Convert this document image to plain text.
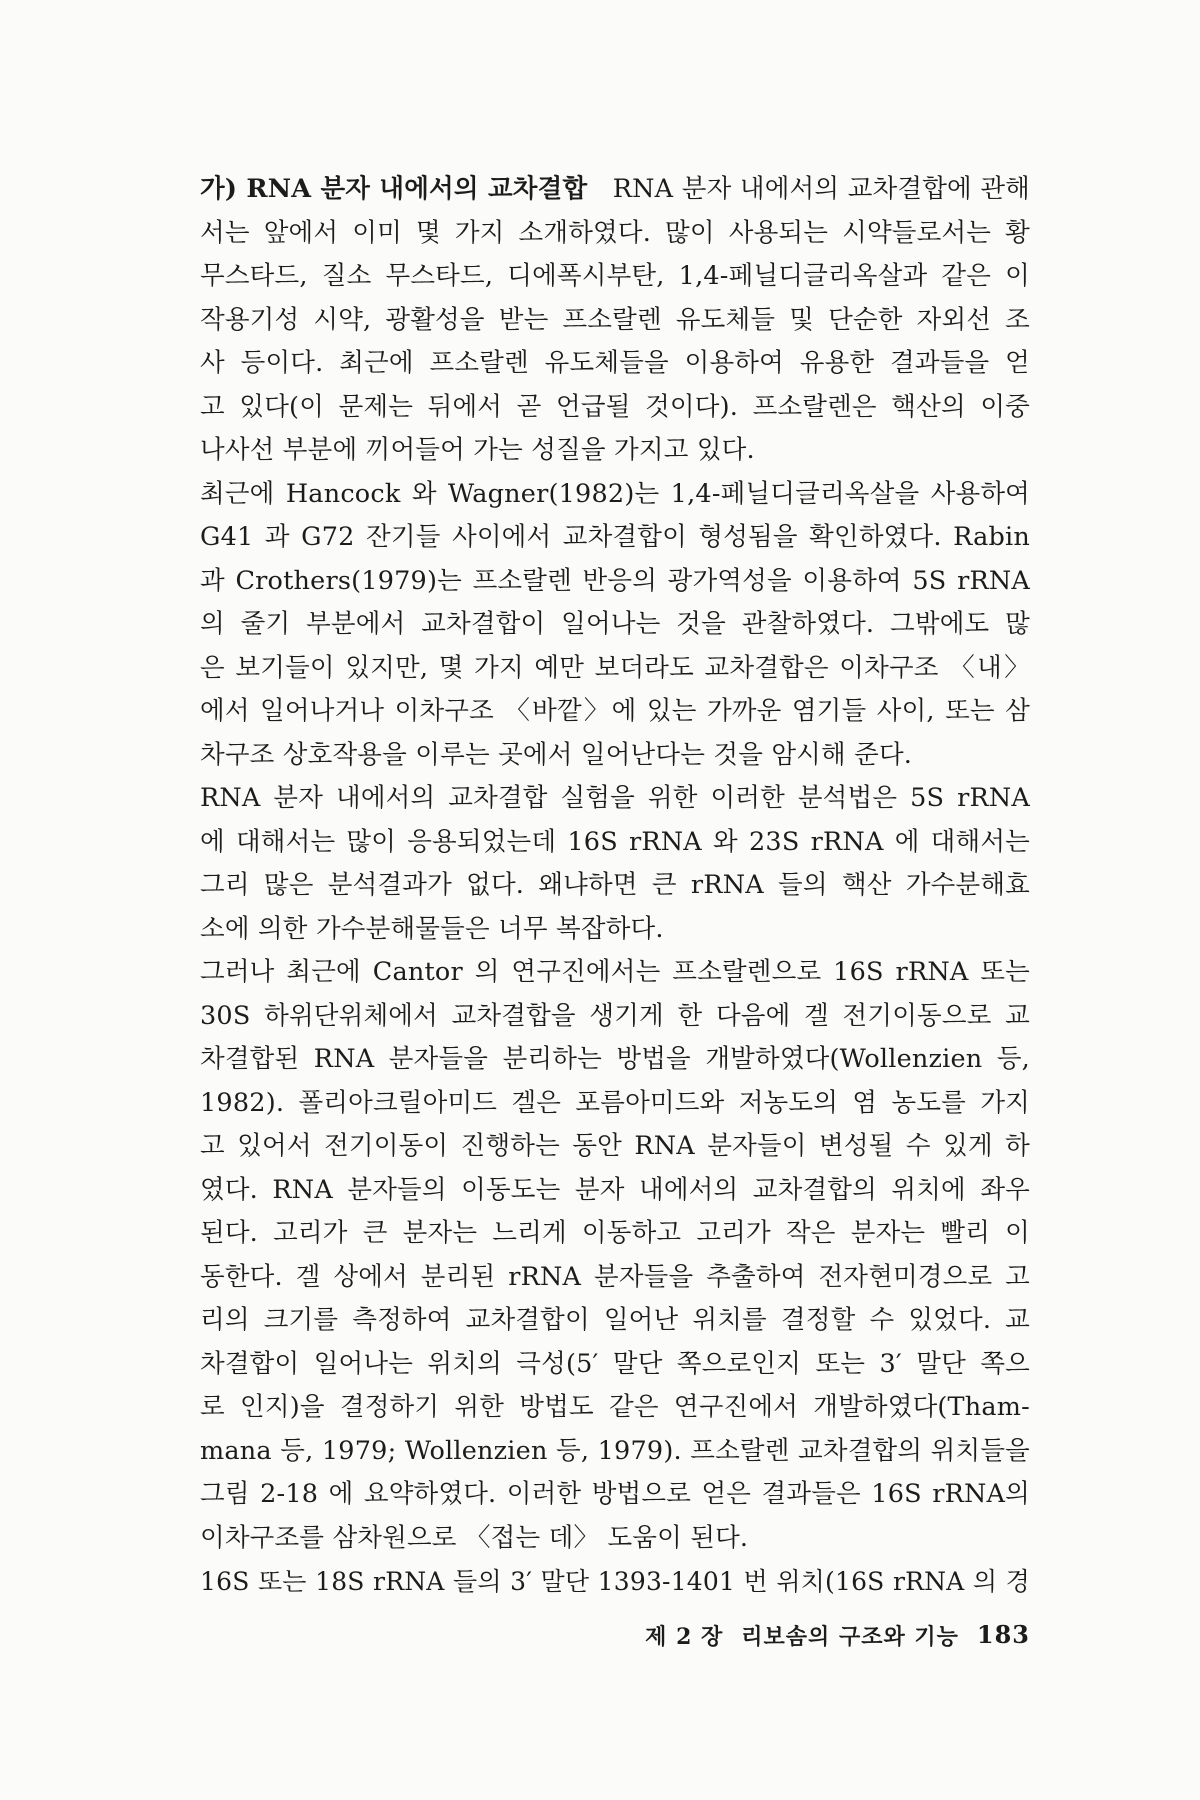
가) RNA 분자 내에서의 교차결합 RNA 분자 내에서의 교차결합에 관해
서는 앞에서 이미 몇 가지 소개하였다. 많이 사용되는 시약들로서는 황
무스타드, 질소 무스타드, 디에폭시부탄, 1,4-페닐디글리옥살과 같은 이
작용기성 시약, 광활성을 받는 프소랄렌 유도체들 및 단순한 자외선 조
사 등이다. 최근에 프소랄렌 유도체들을 이용하여 유용한 결과들을 얻
고 있다(이 문제는 뒤에서 곧 언급될 것이다). 프소랄렌은 핵산의 이중
나사선 부분에 끼어들어 가는 성질을 가지고 있다.
최근에 Hancock 와 Wagner(1982)는 1,4-페닐디글리옥살을 사용하여
G41 과 G72 잔기들 사이에서 교차결합이 형성됨을 확인하였다. Rabin
과 Crothers(1979)는 프소랄렌 반응의 광가역성을 이용하여 5S rRNA
의 줄기 부분에서 교차결합이 일어나는 것을 관찰하였다. 그밖에도 많
은 보기들이 있지만, 몇 가지 예만 보더라도 교차결합은 이차구조 〈내〉
에서 일어나거나 이차구조 〈바깥〉에 있는 가까운 염기들 사이, 또는 삼
차구조 상호작용을 이루는 곳에서 일어난다는 것을 암시해 준다.
RNA 분자 내에서의 교차결합 실험을 위한 이러한 분석법은 5S rRNA
에 대해서는 많이 응용되었는데 16S rRNA 와 23S rRNA 에 대해서는
그리 많은 분석결과가 없다. 왜냐하면 큰 rRNA 들의 핵산 가수분해효
소에 의한 가수분해물들은 너무 복잡하다.
그러나 최근에 Cantor 의 연구진에서는 프소랄렌으로 16S rRNA 또는
30S 하위단위체에서 교차결합을 생기게 한 다음에 겔 전기이동으로 교
차결합된 RNA 분자들을 분리하는 방법을 개발하였다(Wollenzien 등,
1982). 폴리아크릴아미드 겔은 포름아미드와 저농도의 염 농도를 가지
고 있어서 전기이동이 진행하는 동안 RNA 분자들이 변성될 수 있게 하
였다. RNA 분자들의 이동도는 분자 내에서의 교차결합의 위치에 좌우
된다. 고리가 큰 분자는 느리게 이동하고 고리가 작은 분자는 빨리 이
동한다. 겔 상에서 분리된 rRNA 분자들을 추출하여 전자현미경으로 고
리의 크기를 측정하여 교차결합이 일어난 위치를 결정할 수 있었다. 교
차결합이 일어나는 위치의 극성(5′ 말단 쪽으로인지 또는 3′ 말단 쪽으
로 인지)을 결정하기 위한 방법도 같은 연구진에서 개발하였다(Tham-
mana 등, 1979; Wollenzien 등, 1979). 프소랄렌 교차결합의 위치들을
그림 2-18 에 요약하였다. 이러한 방법으로 얻은 결과들은 16S rRNA의
이차구조를 삼차원으로 〈접는 데〉 도움이 된다.
16S 또는 18S rRNA 들의 3′ 말단 1393-1401 번 위치(16S rRNA 의 경
제 2 장 리보솜의 구조와 기능 183
